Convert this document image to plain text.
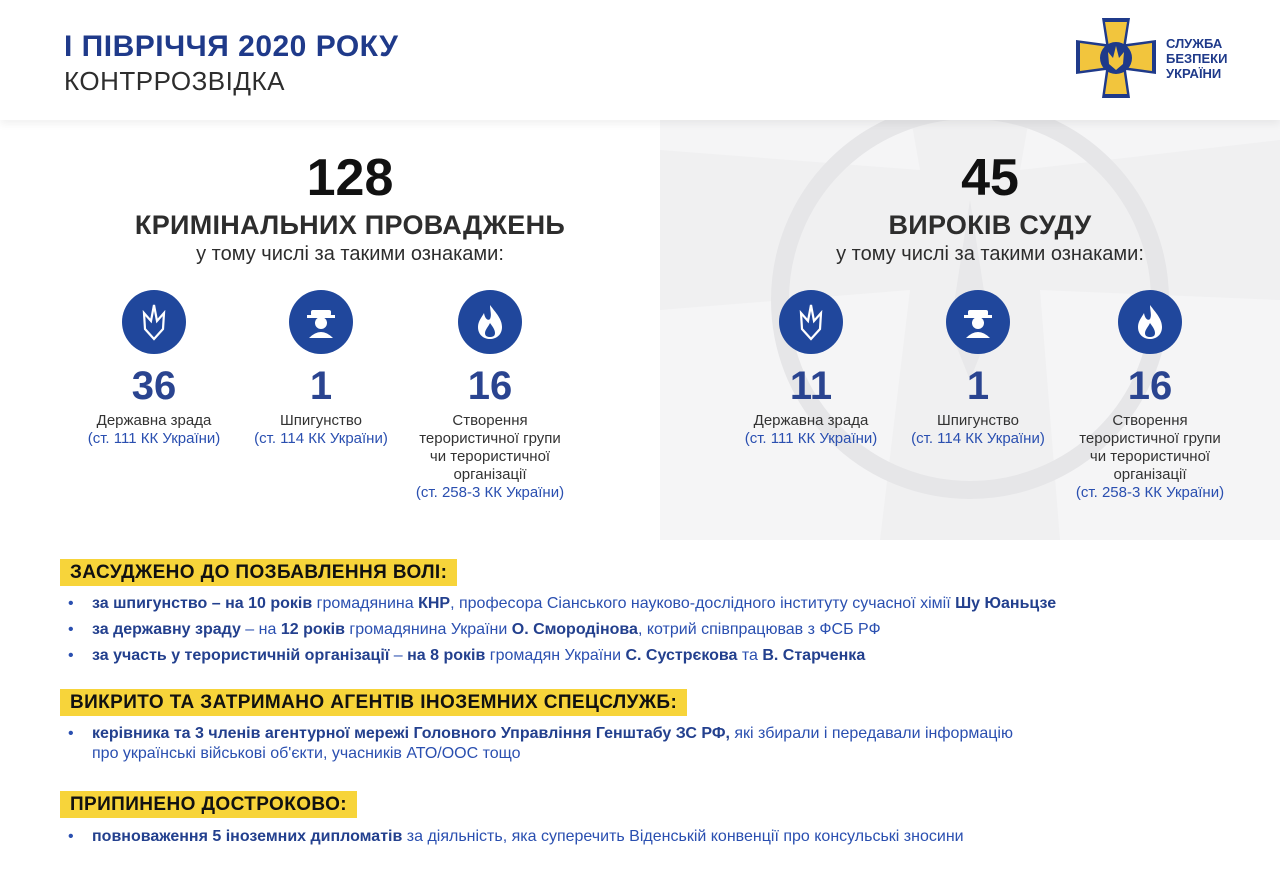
І ПІВРІЧЧЯ 2020 РОКУ
КОНТРРОЗВІДКА
СЛУЖБА
БЕЗПЕКИ
УКРАЇНИ
128
КРИМІНАЛЬНИХ ПРОВАДЖЕНЬ
у тому числі за такими ознаками:
36
Державна зрада
(ст. 111 КК України)
1
Шпигунство
(ст. 114 КК України)
16
Створення
терористичної групи
чи терористичної
організації
(ст. 258-3 КК України)
45
ВИРОКІВ СУДУ
у тому числі за такими ознаками:
11
Державна зрада
(ст. 111 КК України)
1
Шпигунство
(ст. 114 КК України)
16
Створення
терористичної групи
чи терористичної
організації
(ст. 258-3 КК України)
ЗАСУДЖЕНО ДО ПОЗБАВЛЕННЯ ВОЛІ:
• за шпигунство – на 10 років громадянина КНР, професора Сіанського науково-дослідного інституту сучасної хімії Шу Юаньцзе
• за державну зраду – на 12 років громадянина України О. Смородінова, котрий співпрацював з ФСБ РФ
• за участь у терористичній організації – на 8 років громадян України С. Сустрєкова та В. Старченка
ВИКРИТО ТА ЗАТРИМАНО АГЕНТІВ ІНОЗЕМНИХ СПЕЦСЛУЖБ:
• керівника та 3 членів агентурної мережі Головного Управління Генштабу ЗС РФ, які збирали і передавали інформацію
про українські військові об'єкти, учасників АТО/ООС тощо
ПРИПИНЕНО ДОСТРОКОВО:
• повноваження 5 іноземних дипломатів за діяльність, яка суперечить Віденській конвенції про консульські зносини
